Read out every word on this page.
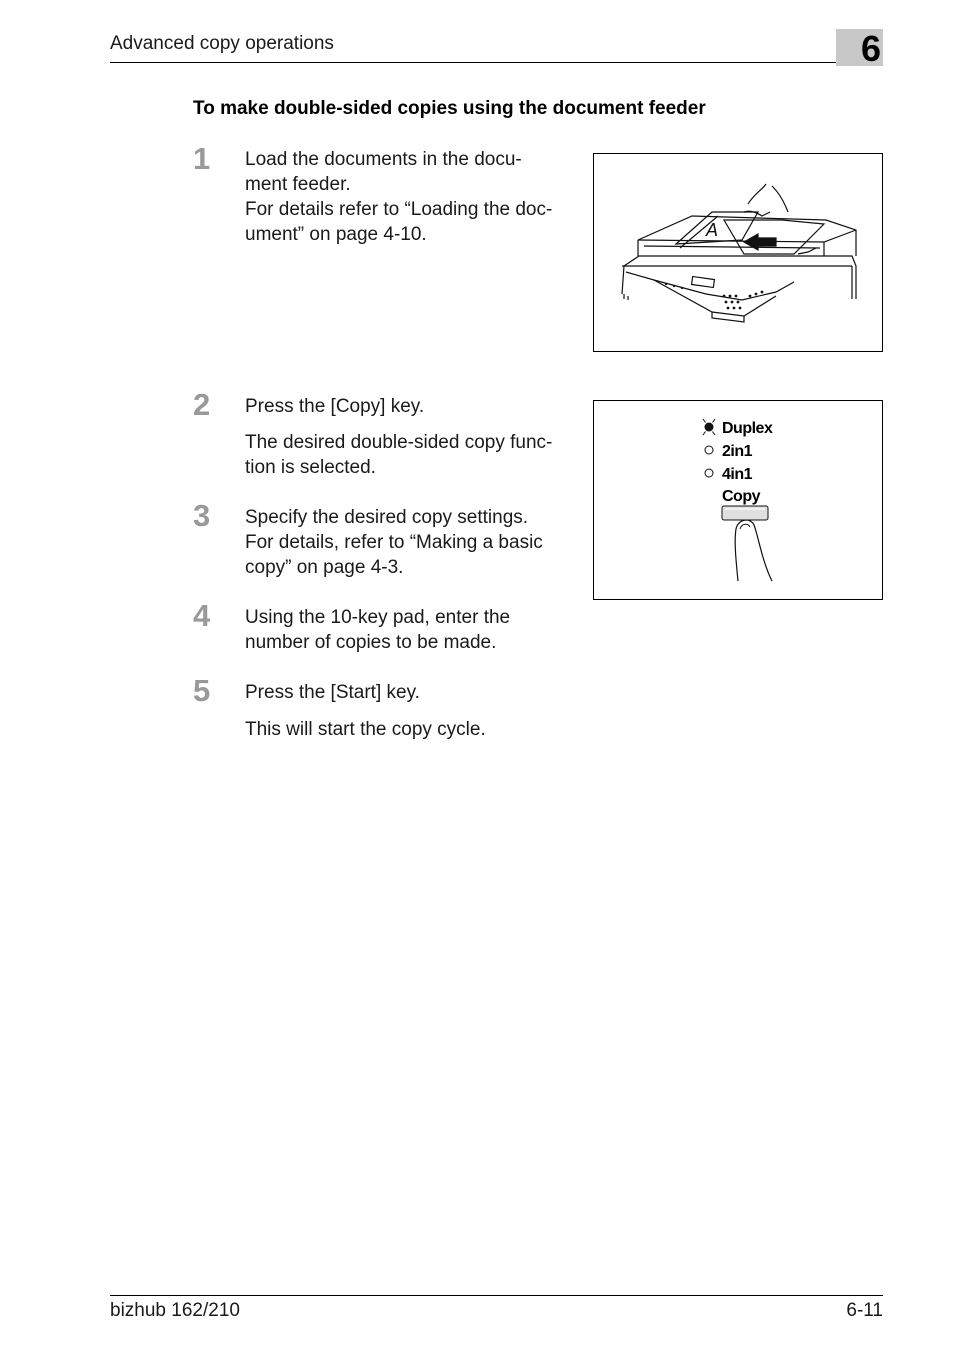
Advanced copy operations	6
To make double-sided copies using the document feeder
1 Load the documents in the docu-
ment feeder.
For details refer to “Loading the doc-
ument” on page 4-10.	A
2 Press the [Copy] key.
The desired double-sided copy func-
tion is selected.
Duplex
2in1
4in1
Copy
3 Specify the desired copy settings.
For details, refer to “Making a basic
copy” on page 4-3.
4 Using the 10-key pad, enter the
number of copies to be made.
5 Press the [Start] key.
This will start the copy cycle.
bizhub 162/210	6-11
